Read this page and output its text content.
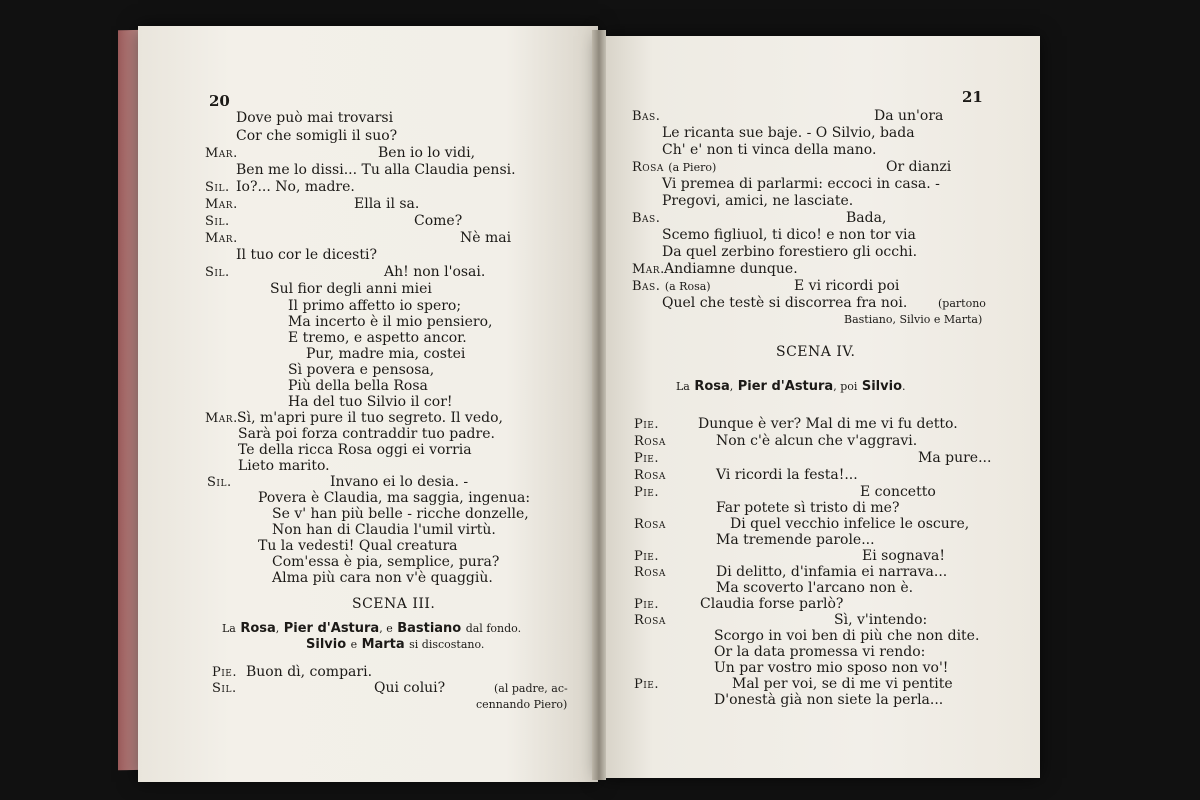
20
Dove può mai trovarsi
Cor che somigli il suo?
Mar.	Ben io lo vidi,
Ben me lo dissi... Tu alla Claudia pensi.
Sil. Io?... No, madre.
Mar.	Ella il sa.
Sil.	Come?
Mar.	Nè mai
Il tuo cor le dicesti?
Sil.	Ah! non l'osai.
Sul fior degli anni miei
Il primo affetto io spero;
Ma incerto è il mio pensiero,
E tremo, e aspetto ancor.
Pur, madre mia, costei
Sì povera e pensosa,
Più della bella Rosa
Ha del tuo Silvio il cor!
Mar. Sì, m'apri pure il tuo segreto. Il vedo,
Sarà poi forza contraddir tuo padre.
Te della ricca Rosa oggi ei vorria
Lieto marito.
Sil.	Invano ei lo desia. -
Povera è Claudia, ma saggia, ingenua:
Se v' han più belle - ricche donzelle,
Non han di Claudia l'umil virtù.
Tu la vedesti! Qual creatura
Com'essa è pia, semplice, pura?
Alma più cara non v'è quaggiù.
SCENA III.
La Rosa, Pier d'Astura, e Bastiano dal fondo.
Silvio e Marta si discostano.
Pie. Buon dì, compari.
Sil.	Qui colui?	(al padre, ac-
cennando Piero)
21
Bas.	Da un'ora
Le ricanta sue baje. - O Silvio, bada
Ch' e' non ti vinca della mano.
Rosa (a Piero)	Or dianzi
Vi premea di parlarmi: eccoci in casa. -
Pregovi, amici, ne lasciate.
Bas.	Bada,
Scemo figliuol, ti dico! e non tor via
Da quel zerbino forestiero gli occhi.
Mar. Andiamne dunque.
Bas. (a Rosa)	E vi ricordi poi
Quel che testè si discorrea fra noi.	(partono
Bastiano, Silvio e Marta)
SCENA IV.
La Rosa, Pier d'Astura, poi Silvio.
Pie.	Dunque è ver? Mal di me vi fu detto.
Rosa	Non c'è alcun che v'aggravi.
Pie.	Ma pure...
Rosa	Vi ricordi la festa!...
Pie.	E concetto
Far potete sì tristo di me?
Rosa	Di quel vecchio infelice le oscure,
Ma tremende parole...
Pie.	Ei sognava!
Rosa	Di delitto, d'infamia ei narrava...
Ma scoverto l'arcano non è.
Pie.	Claudia forse parlò?
Rosa	Sì, v'intendo:
Scorgo in voi ben di più che non dite.
Or la data promessa vi rendo:
Un par vostro mio sposo non vo'!
Pie.	Mal per voi, se di me vi pentite
D'onestà già non siete la perla...
